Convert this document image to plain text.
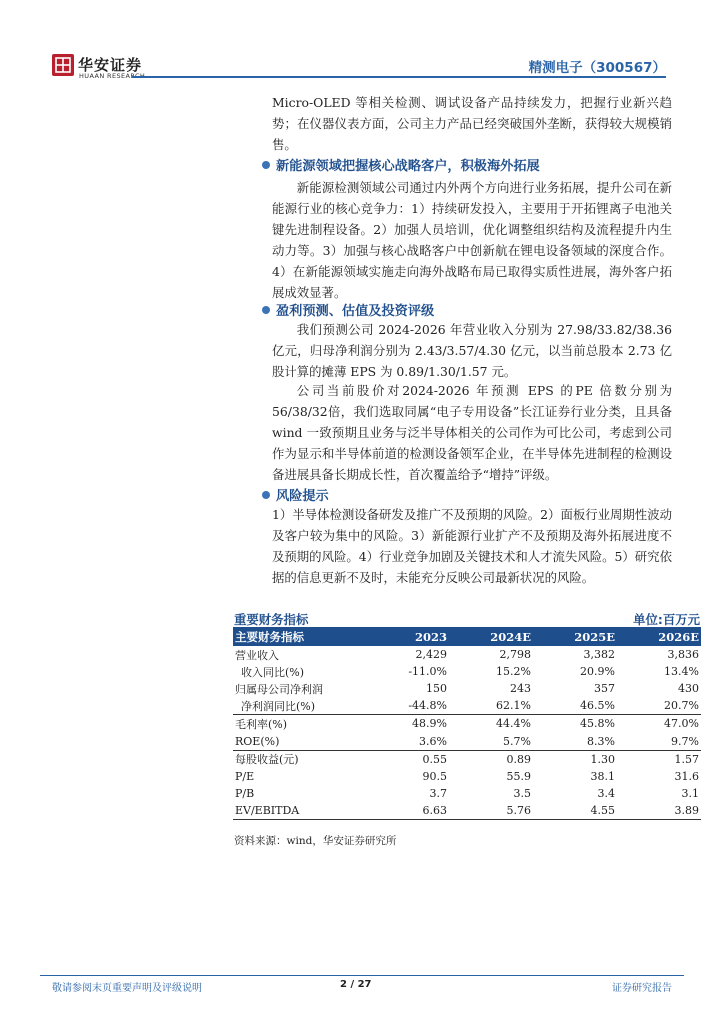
华安证券
HUAAN RESEARCH	精测电子（300567）
Micro-OLED 等相关检测、调试设备产品持续发力，把握行业新兴趋势；在仪器仪表方面，公司主力产品已经突破国外垄断，获得较大规模销售。
新能源领域把握核心战略客户，积极海外拓展
新能源检测领域公司通过内外两个方向进行业务拓展，提升公司在新能源行业的核心竞争力：1）持续研发投入，主要用于开拓锂离子电池关键先进制程设备。2）加强人员培训，优化调整组织结构及流程提升内生动力等。3）加强与核心战略客户中创新航在锂电设备领域的深度合作。4）在新能源领域实施走向海外战略布局已取得实质性进展，海外客户拓展成效显著。
盈利预测、估值及投资评级
我们预测公司 2024-2026 年营业收入分别为 27.98/33.82/38.36 亿元，归母净利润分别为 2.43/3.57/4.30 亿元，以当前总股本 2.73 亿股计算的摊薄 EPS 为 0.89/1.30/1.57 元。
公司当前股价对2024-2026 年预测 EPS 的PE 倍数分别为56/38/32倍，我们选取同属“电子专用设备”长江证券行业分类，且具备 wind 一致预期且业务与泛半导体相关的公司作为可比公司，考虑到公司作为显示和半导体前道的检测设备领军企业，在半导体先进制程的检测设备进展具备长期成长性，首次覆盖给予“增持”评级。
风险提示
1）半导体检测设备研发及推广不及预期的风险。2）面板行业周期性波动及客户较为集中的风险。3）新能源行业扩产不及预期及海外拓展进度不及预期的风险。4）行业竞争加剧及关键技术和人才流失风险。5）研究依据的信息更新不及时，未能充分反映公司最新状况的风险。
重要财务指标	单位:百万元
主要财务指标	2023	2024E	2025E	2026E
营业收入	2,429	2,798	3,382	3,836
收入同比(%)	-11.0%	15.2%	20.9%	13.4%
归属母公司净利润	150	243	357	430
净利润同比(%)	-44.8%	62.1%	46.5%	20.7%
毛利率(%)	48.9%	44.4%	45.8%	47.0%
ROE(%)	3.6%	5.7%	8.3%	9.7%
每股收益(元)	0.55	0.89	1.30	1.57
P/E	90.5	55.9	38.1	31.6
P/B	3.7	3.5	3.4	3.1
EV/EBITDA	6.63	5.76	4.55	3.89
资料来源：wind，华安证券研究所
敬请参阅末页重要声明及评级说明	2 / 27	证券研究报告
